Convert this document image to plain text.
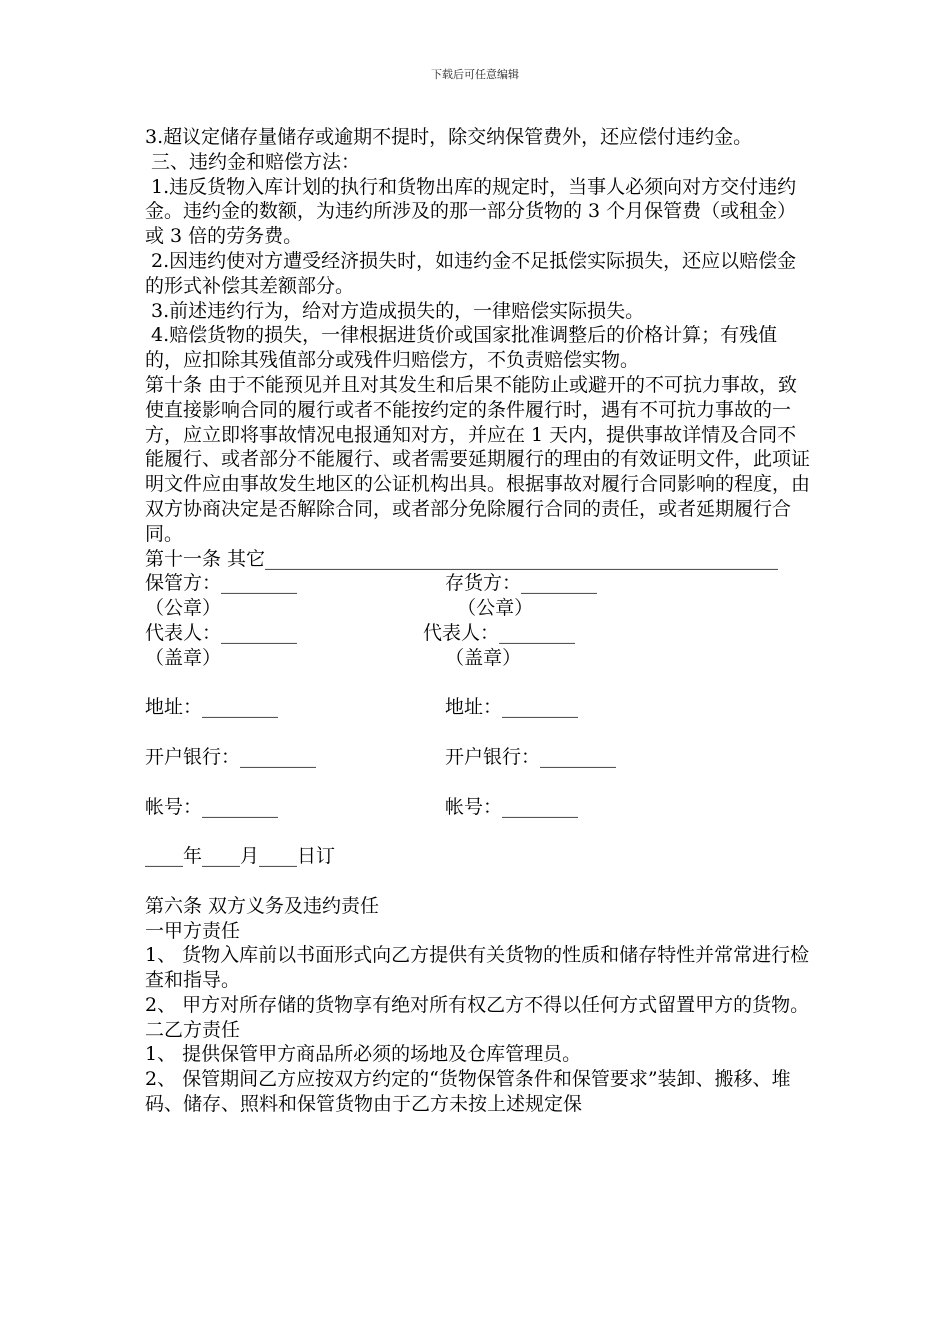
下载后可任意编辑

3.超议定储存量储存或逾期不提时，除交纳保管费外，还应偿付违约金。

三、违约金和赔偿方法：

1.违反货物入库计划的执行和货物出库的规定时，当事人必须向对方交付违约金。违约金的数额，为违约所涉及的那一部分货物的 3 个月保管费（或租金）或 3 倍的劳务费。

2.因违约使对方遭受经济损失时，如违约金不足抵偿实际损失，还应以赔偿金的形式补偿其差额部分。

3.前述违约行为，给对方造成损失的，一律赔偿实际损失。

4.赔偿货物的损失，一律根据进货价或国家批准调整后的价格计算；有残值的，应扣除其残值部分或残件归赔偿方，不负责赔偿实物。

第十条 由于不能预见并且对其发生和后果不能防止或避开的不可抗力事故，致使直接影响合同的履行或者不能按约定的条件履行时，遇有不可抗力事故的一方，应立即将事故情况电报通知对方，并应在 1 天内，提供事故详情及合同不能履行、或者部分不能履行、或者需要延期履行的理由的有效证明文件，此项证明文件应由事故发生地区的公证机构出具。根据事故对履行合同影响的程度，由双方协商决定是否解除合同，或者部分免除履行合同的责任，或者延期履行合同。

第十一条 其它______________________________________________________

保管方：________	存货方：________
（公章）	（公章）
代表人：________	代表人：________
（盖章）	（盖章）
地址：________	地址：________
开户银行：________	开户银行：________
帐号：________	帐号：________
____年____月____日订

第六条 双方义务及违约责任

一甲方责任

1、 货物入库前以书面形式向乙方提供有关货物的性质和储存特性并常常进行检查和指导。

2、 甲方对所存储的货物享有绝对所有权乙方不得以任何方式留置甲方的货物。

二乙方责任

1、 提供保管甲方商品所必须的场地及仓库管理员。

2、 保管期间乙方应按双方约定的“货物保管条件和保管要求”装卸、搬移、堆码、储存、照料和保管货物由于乙方未按上述规定保
